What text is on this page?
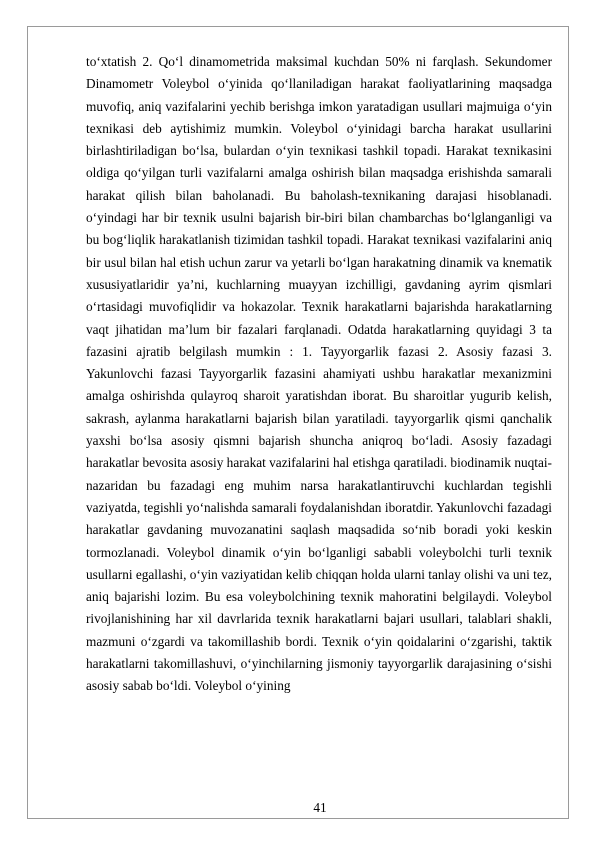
to‘xtatish 2. Qo‘l dinamometrida maksimal kuchdan 50% ni farqlash. Sekundomer Dinamometr Voleybol o‘yinida qo‘llaniladigan harakat faoliyatlarining maqsadga muvofiq, aniq vazifalarini yechib berishga imkon yaratadigan usullari majmuiga o‘yin texnikasi deb aytishimiz mumkin. Voleybol o‘yinidagi barcha harakat usullarini birlashtiriladigan bo‘lsa, bulardan o‘yin texnikasi tashkil topadi. Harakat texnikasini oldiga qo‘yilgan turli vazifalarni amalga oshirish bilan maqsadga erishishda samarali harakat qilish bilan baholanadi. Bu baholash-texnikaning darajasi hisoblanadi. o‘yindagi har bir texnik usulni bajarish bir-biri bilan chambarchas bo‘lglanganligi va bu bog‘liqlik harakatlanish tizimidan tashkil topadi. Harakat texnikasi vazifalarini aniq bir usul bilan hal etish uchun zarur va yetarli bo‘lgan harakatning dinamik va knematik xususiyatlaridir ya’ni, kuchlarning muayyan izchilligi, gavdaning ayrim qismlari o‘rtasidagi muvofiqlidir va hokazolar. Texnik harakatlarni bajarishda harakatlarning vaqt jihatidan ma’lum bir fazalari farqlanadi. Odatda harakatlarning quyidagi 3 ta fazasini ajratib belgilash mumkin : 1. Tayyorgarlik fazasi 2. Asosiy fazasi 3. Yakunlovchi fazasi Tayyorgarlik fazasini ahamiyati ushbu harakatlar mexanizmini amalga oshirishda qulayroq sharoit yaratishdan iborat. Bu sharoitlar yugurib kelish, sakrash, aylanma harakatlarni bajarish bilan yaratiladi. tayyorgarlik qismi qanchalik yaxshi bo‘lsa asosiy qismni bajarish shuncha aniqroq bo‘ladi. Asosiy fazadagi harakatlar bevosita asosiy harakat vazifalarini hal etishga qaratiladi. biodinamik nuqtai-nazaridan bu fazadagi eng muhim narsa harakatlantiruvchi kuchlardan tegishli vaziyatda, tegishli yo‘nalishda samarali foydalanishdan iboratdir. Yakunlovchi fazadagi harakatlar gavdaning muvozanatini saqlash maqsadida so‘nib boradi yoki keskin tormozlanadi. Voleybol dinamik o‘yin bo‘lganligi sababli voleybolchi turli texnik usullarni egallashi, o‘yin vaziyatidan kelib chiqqan holda ularni tanlay olishi va uni tez, aniq bajarishi lozim. Bu esa voleybolchining texnik mahoratini belgilaydi. Voleybol rivojlanishining har xil davrlarida texnik harakatlarni bajari usullari, talablari shakli, mazmuni o‘zgardi va takomillashib bordi. Texnik o‘yin qoidalarini o‘zgarishi, taktik harakatlarni takomillashuvi, o‘yinchilarning jismoniy tayyorgarlik darajasining o‘sishi asosiy sabab bo‘ldi. Voleybol o‘yining
41
